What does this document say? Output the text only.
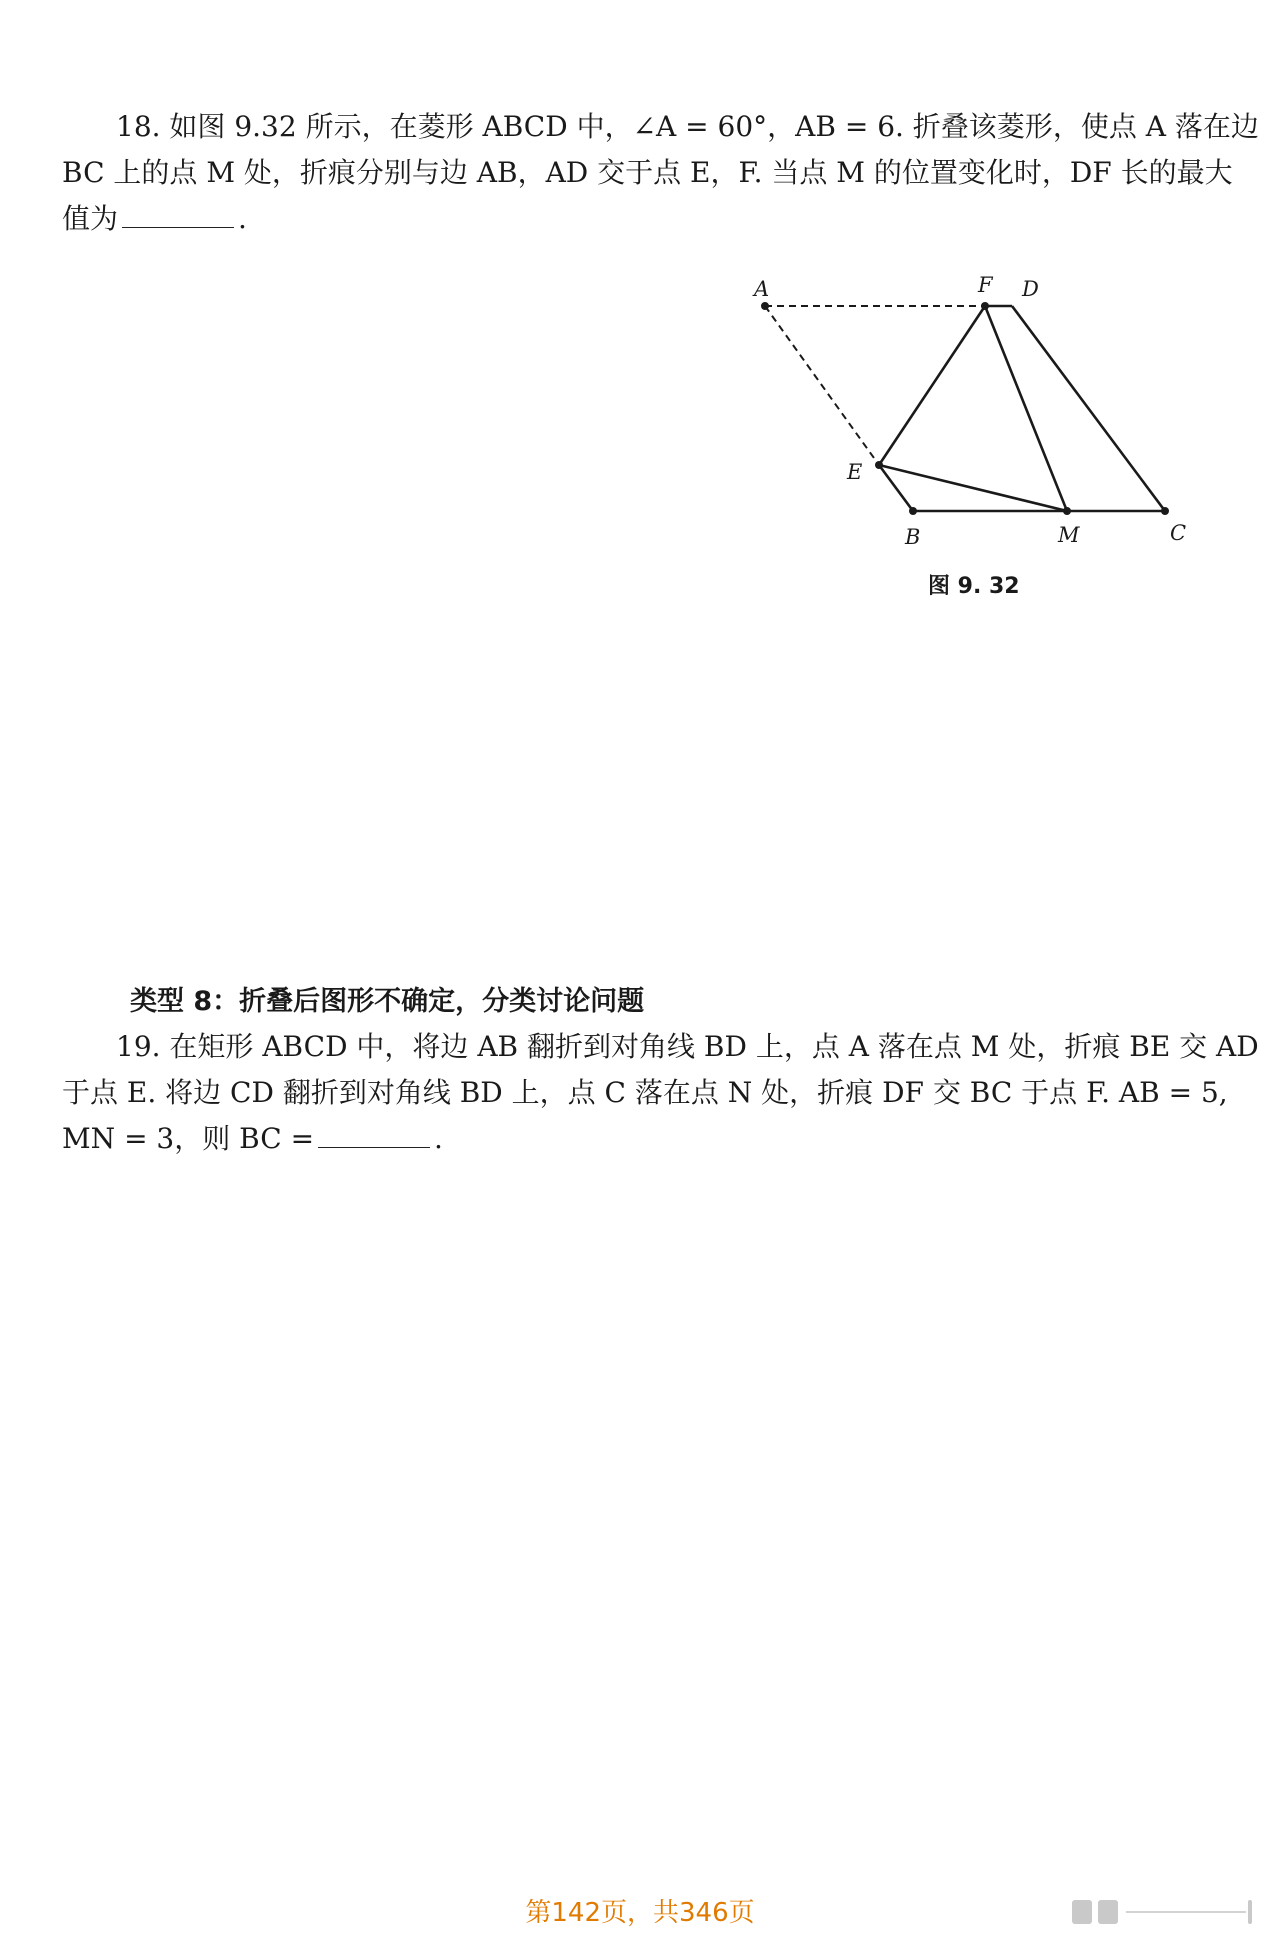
18. 如图 9.32 所示，在菱形 ABCD 中，∠A = 60°，AB = 6. 折叠该菱形，使点 A 落在边
BC 上的点 M 处，折痕分别与边 AB，AD 交于点 E，F. 当点 M 的位置变化时，DF 长的最大
值为	.
A	F D
E
B	M	C
图 9. 32
类型 8：折叠后图形不确定，分类讨论问题
19. 在矩形 ABCD 中，将边 AB 翻折到对角线 BD 上，点 A 落在点 M 处，折痕 BE 交 AD
于点 E. 将边 CD 翻折到对角线 BD 上，点 C 落在点 N 处，折痕 DF 交 BC 于点 F. AB = 5,
MN = 3，则 BC =	.
第142页，共346页
